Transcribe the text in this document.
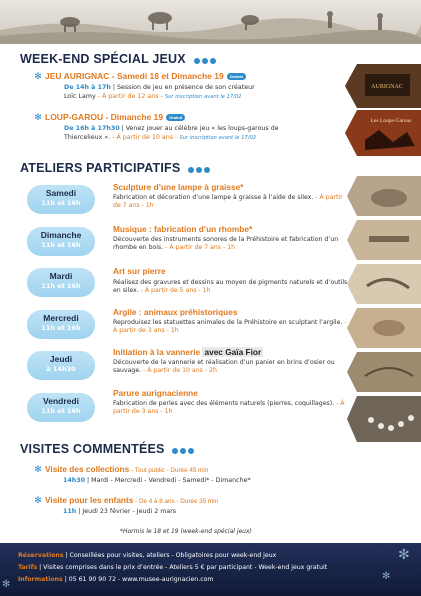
WEEK-END SPÉCIAL JEUX
✻ JEU AURIGNAC - Samedi 18 et Dimanche 19 Gratuit
De 14h à 17h | Session de jeu en présence de son créateur
Loïc Lamy - À partir de 12 ans - Sur inscription avant le 17/02
✻ LOUP-GAROU - Dimanche 19 Gratuit
De 16h à 17h30 | Venez jouer au célèbre jeu « les loups-garous de
Thiercelieux ». - À partir de 10 ans - Sur inscription avant le 17/02
AURIGNAC
Les Loups-Garous
ATELIERS PARTICIPATIFS
Samedi
11h et 16h
Sculpture d’une lampe à graisse*
Fabrication et décoration d’une lampe à graisse à l’aide de silex. - À partir de 7 ans - 1h
Dimanche
11h et 16h
Musique : fabrication d’un rhombe*
Découverte des instruments sonores de la Préhistoire et fabrication d’un rhombe en bois. - À partir de 7 ans - 1h
Mardi
11h et 16h
Art sur pierre
Réalisez des gravures et dessins au moyen de pigments naturels et d’outils en silex. - À partir de 5 ans - 1h
Mercredi
11h et 16h
Argile : animaux préhistoriques
Reproduisez les statuettes animales de la Préhistoire en sculptant l’argile. - À partir de 3 ans - 1h
Jeudi
à 14h30
Initiation à la vannerie avec Gaïa Fior
Découverte de la vannerie et réalisation d’un panier en brins d’osier ou sauvage. - À partir de 10 ans - 2h
Vendredi
11h et 16h
Parure aurignacienne
Fabrication de perles avec des éléments naturels (pierres, coquillages). - À partir de 3 ans - 1h
VISITES COMMENTÉES
✻ Visite des collections - Tout public - Durée 45 min
14h30 | Mardi - Mercredi - Vendredi - Samedi* - Dimanche*
✻ Visite pour les enfants - De 4 à 8 ans - Durée 35 min
11h | Jeudi 23 février - Jeudi 2 mars
*Hormis le 18 et 19 (week-end spécial jeux)
Réservations | Conseillées pour visites, ateliers - Obligatoires pour week-end jeux
Tarifs | Visites comprises dans le prix d’entrée - Ateliers 5 € par participant - Week-end jeux gratuit
Informations | 05 61 90 90 72 - www.musee-aurignacien.com
✻
✻
✻
